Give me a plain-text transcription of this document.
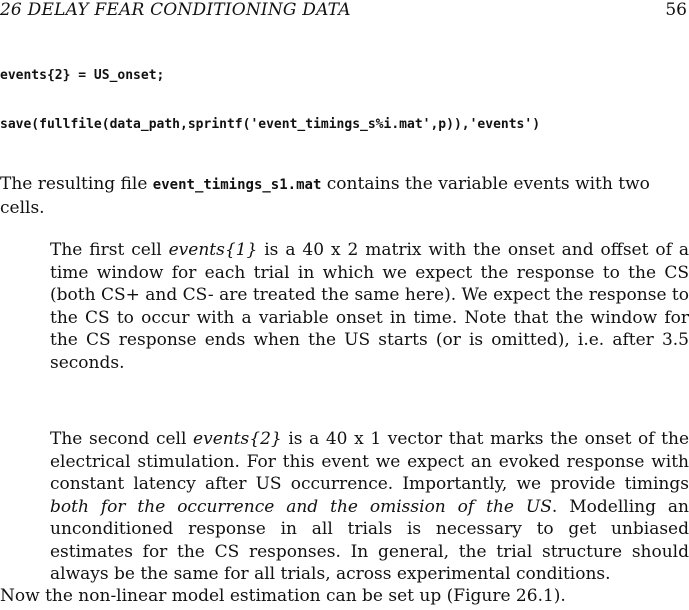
26 DELAY FEAR CONDITIONING DATA	56
events{2} = US_onset;
save(fullfile(data_path,sprintf('event_timings_s%i.mat',p)),'events')

The resulting file event_timings_s1.mat contains the variable events with two cells.

The first cell events{1} is a 40 x 2 matrix with the onset and offset of a time window for each trial in which we expect the response to the CS (both CS+ and CS- are treated the same here). We expect the response to the CS to occur with a variable onset in time. Note that the window for the CS response ends when the US starts (or is omitted), i.e. after 3.5 seconds.

The second cell events{2} is a 40 x 1 vector that marks the onset of the electrical stimulation. For this event we expect an evoked response with constant latency after US occurrence. Importantly, we provide timings both for the occurrence and the omission of the US. Modelling an unconditioned response in all trials is necessary to get unbiased estimates for the CS responses. In general, the trial structure should always be the same for all trials, across experimental conditions.

Now the non-linear model estimation can be set up (Figure 26.1).
